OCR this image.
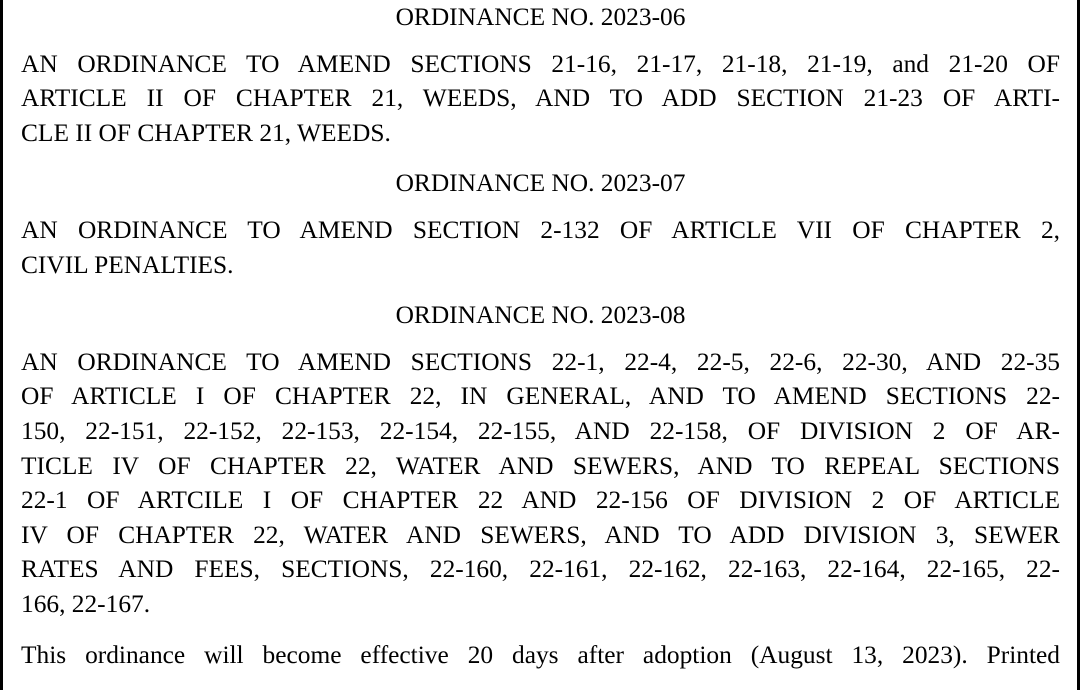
ORDINANCE NO. 2023-06

AN ORDINANCE TO AMEND SECTIONS 21-16, 21-17, 21-18, 21-19, and 21-20 OF
ARTICLE II OF CHAPTER 21, WEEDS, AND TO ADD SECTION 21-23 OF ARTI-
CLE II OF CHAPTER 21, WEEDS.

ORDINANCE NO. 2023-07

AN ORDINANCE TO AMEND SECTION 2-132 OF ARTICLE VII OF CHAPTER 2,
CIVIL PENALTIES.

ORDINANCE NO. 2023-08

AN ORDINANCE TO AMEND SECTIONS 22-1, 22-4, 22-5, 22-6, 22-30, AND 22-35
OF ARTICLE I OF CHAPTER 22, IN GENERAL, AND TO AMEND SECTIONS 22-
150, 22-151, 22-152, 22-153, 22-154, 22-155, AND 22-158, OF DIVISION 2 OF AR-
TICLE IV OF CHAPTER 22, WATER AND SEWERS, AND TO REPEAL SECTIONS
22-1 OF ARTCILE I OF CHAPTER 22 AND 22-156 OF DIVISION 2 OF ARTICLE
IV OF CHAPTER 22, WATER AND SEWERS, AND TO ADD DIVISION 3, SEWER
RATES AND FEES, SECTIONS, 22-160, 22-161, 22-162, 22-163, 22-164, 22-165, 22-
166, 22-167.

This ordinance will become effective 20 days after adoption (August 13, 2023). Printed
